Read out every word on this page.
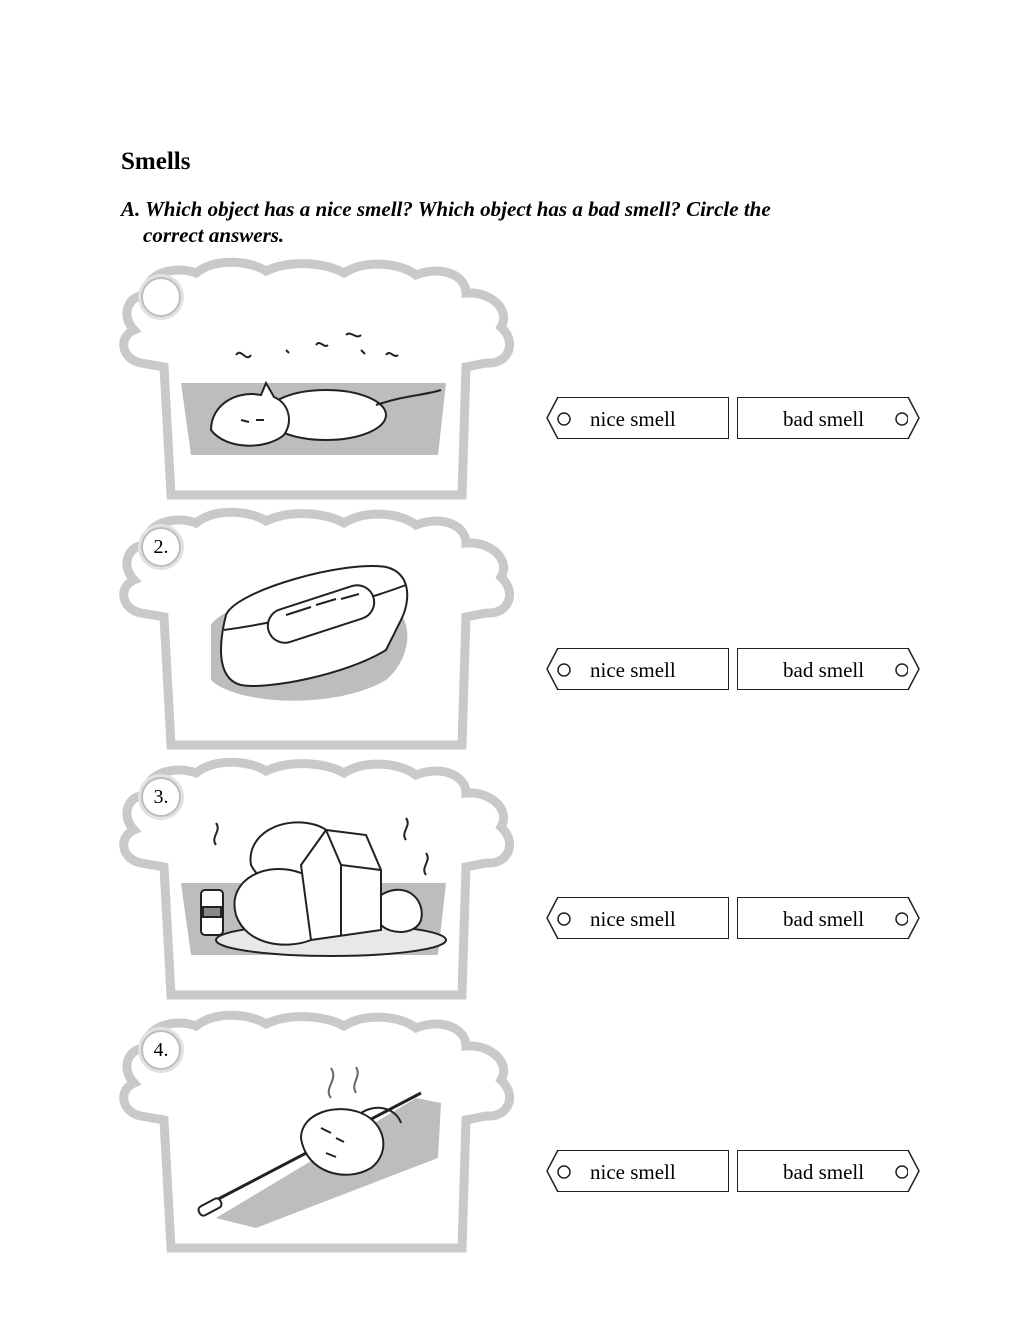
Smells
A. Which object has a nice smell? Which object has a bad smell? Circle the
correct answers.
nice smell	bad smell
2.
nice smell	bad smell
3.
nice smell	bad smell
4.
nice smell	bad smell
